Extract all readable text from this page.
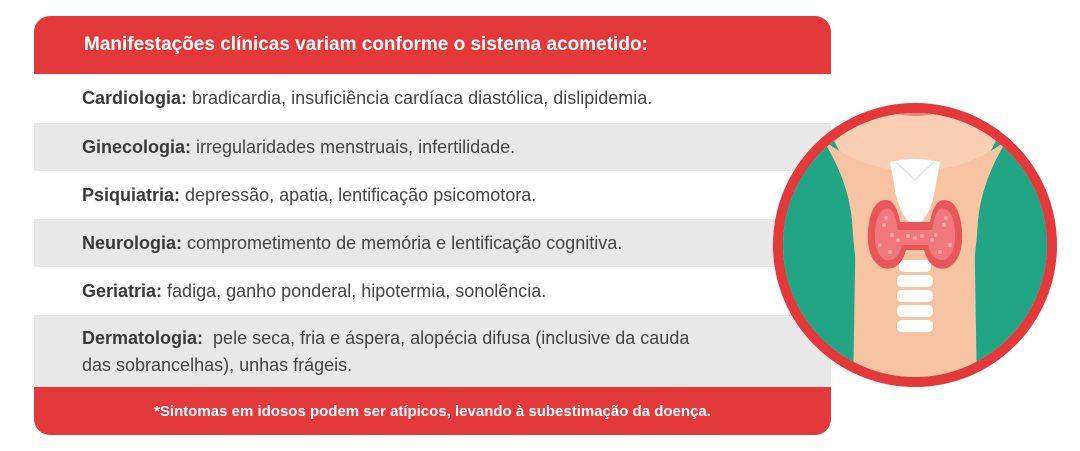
Manifestações clínicas variam conforme o sistema acometido:
Cardiologia: bradicardia, insuficiência cardíaca diastólica, dislipidemia.
Ginecologia: irregularidades menstruais, infertilidade.
Psiquiatria: depressão, apatia, lentificação psicomotora.
Neurologia: comprometimento de memória e lentificação cognitiva.
Geriatria: fadiga, ganho ponderal, hipotermia, sonolência.
Dermatologia: pele seca, fria e áspera, alopécia difusa (inclusive da cauda das sobrancelhas), unhas frágeis.
*Sintomas em idosos podem ser atípicos, levando à subestimação da doença.
